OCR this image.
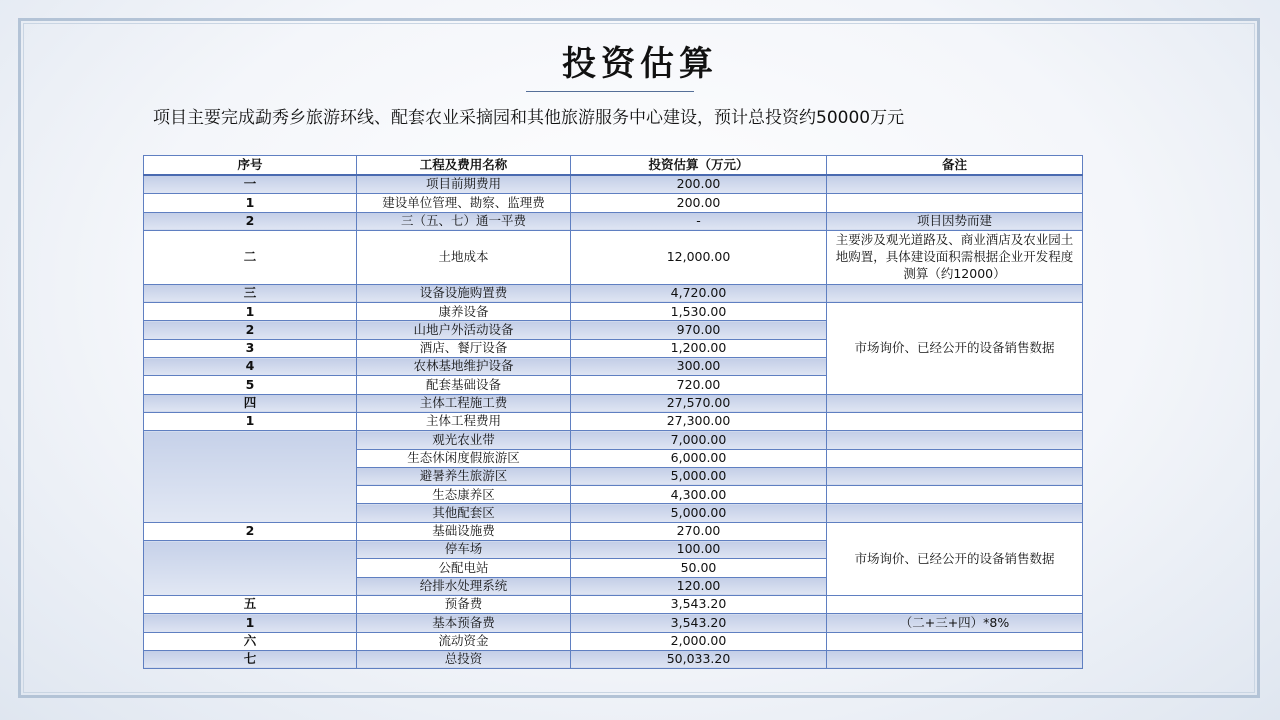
投资估算
项目主要完成勐秀乡旅游环线、配套农业采摘园和其他旅游服务中心建设，预计总投资约50000万元
序号	工程及费用名称	投资估算（万元）	备注
一	项目前期费用	200.00	
1	建设单位管理、勘察、监理费	200.00	
2	三（五、七）通一平费	-	项目因势而建
二	土地成本	12,000.00	主要涉及观光道路及、商业酒店及农业园土地购置，具体建设面积需根据企业开发程度测算（约12000）
三	设备设施购置费	4,720.00	
1	康养设备	1,530.00	市场询价、已经公开的设备销售数据
2	山地户外活动设备	970.00	
3	酒店、餐厅设备	1,200.00	
4	农林基地维护设备	300.00	
5	配套基础设备	720.00	
四	主体工程施工费	27,570.00	
1	主体工程费用	27,300.00	
	观光农业带	7,000.00	
	生态休闲度假旅游区	6,000.00	
	避暑养生旅游区	5,000.00	
	生态康养区	4,300.00	
	其他配套区	5,000.00	
2	基础设施费	270.00	市场询价、已经公开的设备销售数据
	停车场	100.00	
	公配电站	50.00	
	给排水处理系统	120.00	
五	预备费	3,543.20	
1	基本预备费	3,543.20	（二+三+四）*8%
六	流动资金	2,000.00	
七	总投资	50,033.20	
